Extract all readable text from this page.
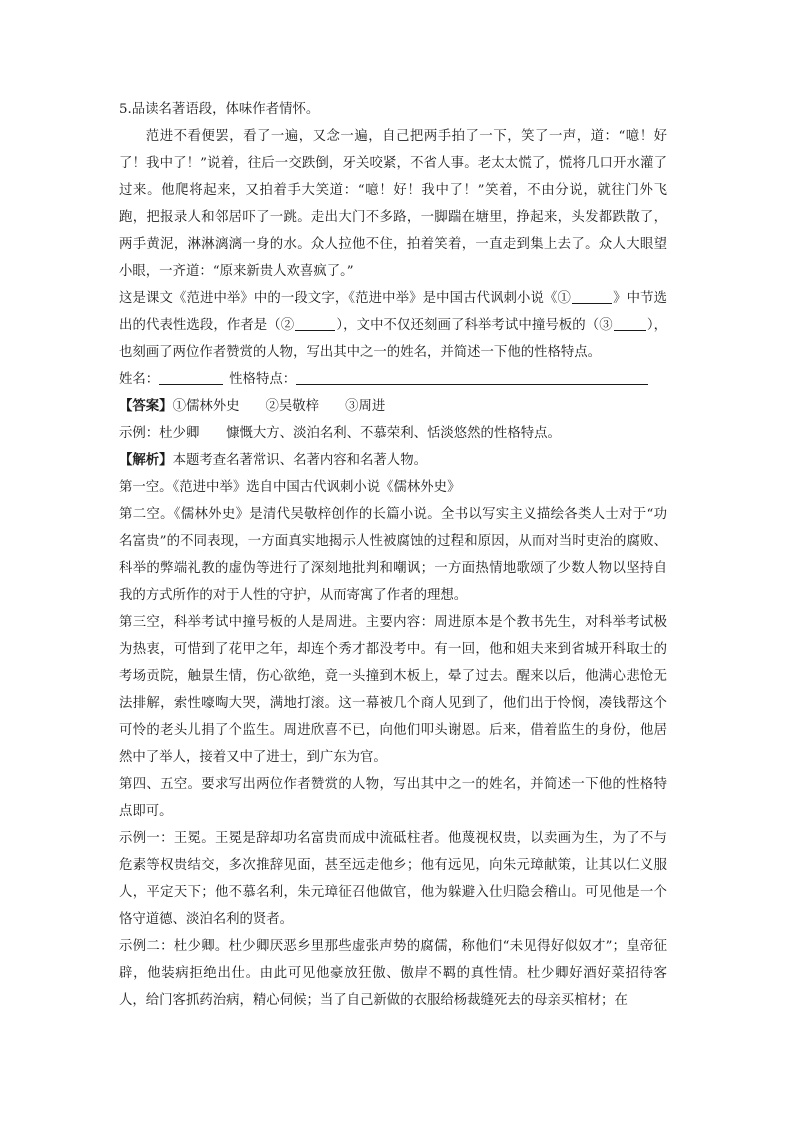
5.品读名著语段，体味作者情怀。

范进不看便罢，看了一遍，又念一遍，自己把两手拍了一下，笑了一声，道：“噫！好了！我中了！”说着，往后一交跌倒，牙关咬紧，不省人事。老太太慌了，慌将几口开水灌了过来。他爬将起来，又拍着手大笑道：“噫！好！我中了！”笑着，不由分说，就往门外飞跑，把报录人和邻居吓了一跳。走出大门不多路，一脚踹在塘里，挣起来，头发都跌散了，两手黄泥，淋淋漓漓一身的水。众人拉他不住，拍着笑着，一直走到集上去了。众人大眼望小眼，一齐道：“原来新贵人欢喜疯了。”

这是课文《范进中举》中的一段文字，《范进中举》是中国古代讽刺小说《①	》中节选出的代表性选段，作者是（②	），文中不仅还刻画了科举考试中撞号板的（③	），也刻画了两位作者赞赏的人物，写出其中之一的姓名，并简述一下他的性格特点。

姓名：	性格特点：

【答案】①儒林外史 ②吴敬梓 ③周进

示例：杜少卿　　慷慨大方、淡泊名利、不慕荣利、恬淡悠然的性格特点。

【解析】本题考查名著常识、名著内容和名著人物。

第一空。《范进中举》选自中国古代讽刺小说《儒林外史》

第二空。《儒林外史》是清代吴敬梓创作的长篇小说。全书以写实主义描绘各类人士对于“功名富贵”的不同表现，一方面真实地揭示人性被腐蚀的过程和原因，从而对当时吏治的腐败、科举的弊端礼教的虚伪等进行了深刻地批判和嘲讽；一方面热情地歌颂了少数人物以坚持自我的方式所作的对于人性的守护，从而寄寓了作者的理想。

第三空，科举考试中撞号板的人是周进。主要内容：周进原本是个教书先生，对科举考试极为热衷，可惜到了花甲之年，却连个秀才都没考中。有一回，他和姐夫来到省城开科取士的考场贡院，触景生情，伤心欲绝，竟一头撞到木板上，晕了过去。醒来以后，他满心悲怆无法排解，索性嚎啕大哭，满地打滚。这一幕被几个商人见到了，他们出于怜悯，凑钱帮这个可怜的老头儿捐了个监生。周进欣喜不已，向他们叩头谢恩。后来，借着监生的身份，他居然中了举人，接着又中了进士，到广东为官。

第四、五空。要求写出两位作者赞赏的人物，写出其中之一的姓名，并简述一下他的性格特点即可。

示例一：王冕。王冕是辞却功名富贵而成中流砥柱者。他蔑视权贵，以卖画为生，为了不与危素等权贵结交，多次推辞见面，甚至远走他乡；他有远见，向朱元璋献策，让其以仁义服人，平定天下；他不慕名利，朱元璋征召他做官，他为躲避入仕归隐会稽山。可见他是一个恪守道德、淡泊名利的贤者。

示例二：杜少卿。杜少卿厌恶乡里那些虚张声势的腐儒，称他们“未见得好似奴才”；皇帝征辟，他装病拒绝出仕。由此可见他豪放狂傲、傲岸不羁的真性情。杜少卿好酒好菜招待客人，给门客抓药治病，精心伺候；当了自己新做的衣服给杨裁缝死去的母亲买棺材；在
